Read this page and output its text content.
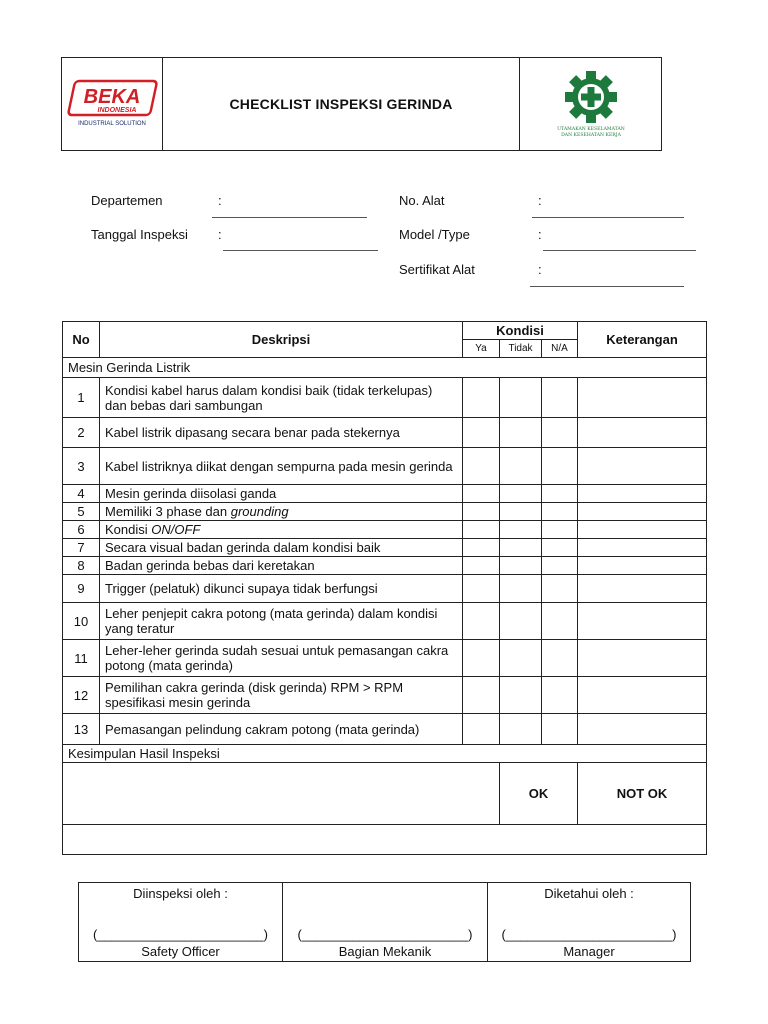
BEKA
INDONESIA
INDUSTRIAL SOLUTION
CHECKLIST INSPEKSI GERINDA
UTAMAKAN KESELAMATAN
DAN KESEHATAN KERJA
Departemen	:
Tanggal Inspeksi :
No. Alat	:
Model /Type	:
Sertifikat Alat	:
No	Deskripsi	Kondisi			Keterangan
		Ya	Tidak	N/A	
Mesin Gerinda Listrik					
1	Kondisi kabel harus dalam kondisi baik (tidak terkelupas) dan bebas dari sambungan				
2	Kabel listrik dipasang secara benar pada stekernya				
3	Kabel listriknya diikat dengan sempurna pada mesin gerinda				
4	Mesin gerinda diisolasi ganda				
5	Memiliki 3 phase dan grounding				
6	Kondisi ON/OFF				
7	Secara visual badan gerinda dalam kondisi baik				
8	Badan gerinda bebas dari keretakan				
9	Trigger (pelatuk) dikunci supaya tidak berfungsi				
10	Leher penjepit cakra potong (mata gerinda) dalam kondisi yang teratur				
11	Leher-leher gerinda sudah sesuai untuk pemasangan cakra potong (mata gerinda)				
12	Pemilihan cakra gerinda (disk gerinda) RPM > RPM spesifikasi mesin gerinda				
13	Pemasangan pelindung cakram potong (mata gerinda)				
Kesimpulan Hasil Inspeksi					
			OK		NOT OK

Diinspeksi oleh :
(_______________________)
Safety Officer

(_______________________)
Bagian Mekanik

Diketahui oleh :
(_______________________)
Manager
